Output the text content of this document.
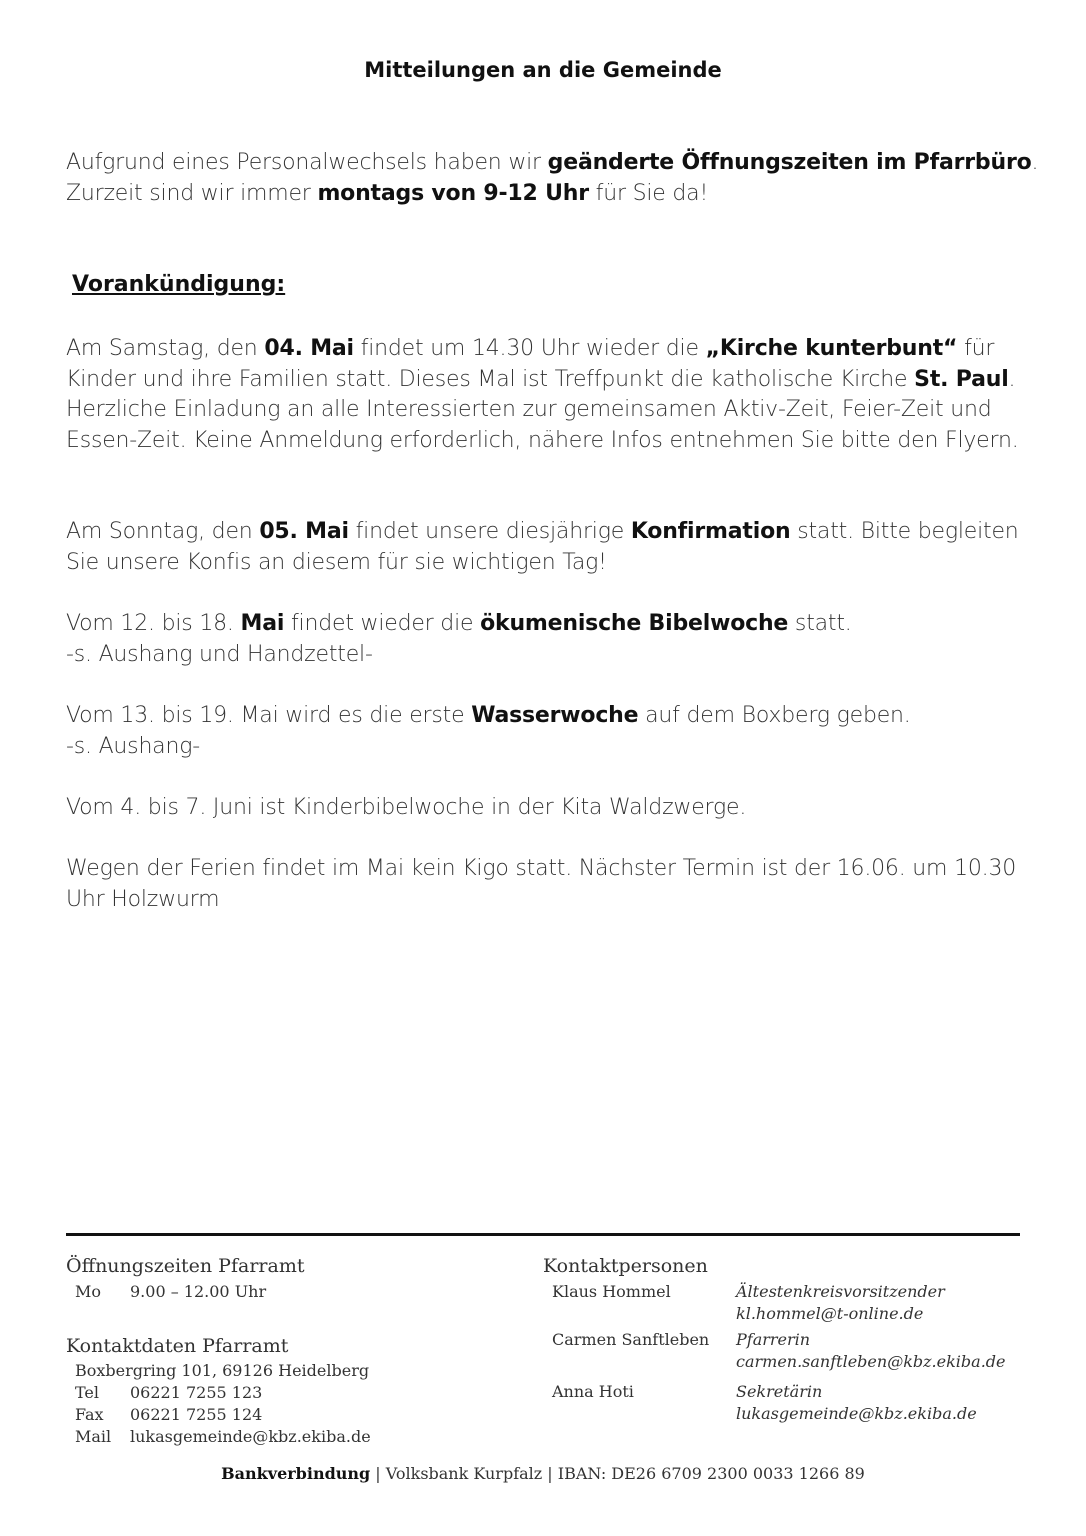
Mitteilungen an die Gemeinde
Aufgrund eines Personalwechsels haben wir geänderte Öffnungszeiten im Pfarrbüro. Zurzeit sind wir immer montags von 9-12 Uhr für Sie da!
Vorankündigung:
Am Samstag, den 04. Mai findet um 14.30 Uhr wieder die „Kirche kunterbunt“ für Kinder und ihre Familien statt. Dieses Mal ist Treffpunkt die katholische Kirche St. Paul. Herzliche Einladung an alle Interessierten zur gemeinsamen Aktiv-Zeit, Feier-Zeit und Essen-Zeit. Keine Anmeldung erforderlich, nähere Infos entnehmen Sie bitte den Flyern.
Am Sonntag, den 05. Mai findet unsere diesjährige Konfirmation statt. Bitte begleiten Sie unsere Konfis an diesem für sie wichtigen Tag!
Vom 12. bis 18. Mai findet wieder die ökumenische Bibelwoche statt.
-s. Aushang und Handzettel-
Vom 13. bis 19. Mai wird es die erste Wasserwoche auf dem Boxberg geben.
-s. Aushang-
Vom 4. bis 7. Juni ist Kinderbibelwoche in der Kita Waldzwerge.
Wegen der Ferien findet im Mai kein Kigo statt. Nächster Termin ist der 16.06. um 10.30 Uhr Holzwurm
Öffnungszeiten Pfarramt
Mo 9.00 – 12.00 Uhr
Kontaktdaten Pfarramt
Boxbergring 101, 69126 Heidelberg
Tel 06221 7255 123
Fax 06221 7255 124
Mail lukasgemeinde@kbz.ekiba.de
Kontaktpersonen
Klaus Hommel	Ältestenkreisvorsitzender
kl.hommel@t-online.de
Carmen Sanftleben Pfarrerin
carmen.sanftleben@kbz.ekiba.de
Anna Hoti	Sekretärin
lukasgemeinde@kbz.ekiba.de
Bankverbindung | Volksbank Kurpfalz | IBAN: DE26 6709 2300 0033 1266 89
